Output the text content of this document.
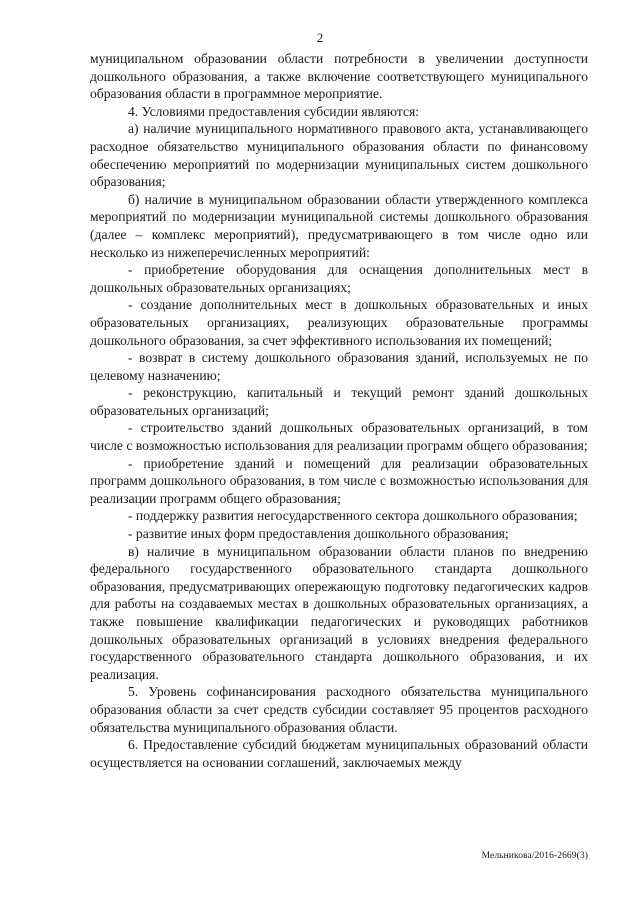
2

муниципальном образовании области потребности в увеличении доступности дошкольного образования, а также включение соответствующего муниципального образования области в программное мероприятие.

4. Условиями предоставления субсидии являются:

а) наличие муниципального нормативного правового акта, устанавливающего расходное обязательство муниципального образования области по финансовому обеспечению мероприятий по модернизации муниципальных систем дошкольного образования;

б) наличие в муниципальном образовании области утвержденного комплекса мероприятий по модернизации муниципальной системы дошкольного образования (далее – комплекс мероприятий), предусматривающего в том числе одно или несколько из нижеперечисленных мероприятий:

- приобретение оборудования для оснащения дополнительных мест в дошкольных образовательных организациях;

- создание дополнительных мест в дошкольных образовательных и иных образовательных организациях, реализующих образовательные программы дошкольного образования, за счет эффективного использования их помещений;

- возврат в систему дошкольного образования зданий, используемых не по целевому назначению;

- реконструкцию, капитальный и текущий ремонт зданий дошкольных образовательных организаций;

- строительство зданий дошкольных образовательных организаций, в том числе с возможностью использования для реализации программ общего образования;

- приобретение зданий и помещений для реализации образовательных программ дошкольного образования, в том числе с возможностью использования для реализации программ общего образования;

- поддержку развития негосударственного сектора дошкольного образования;

- развитие иных форм предоставления дошкольного образования;

в) наличие в муниципальном образовании области планов по внедрению федерального государственного образовательного стандарта дошкольного образования, предусматривающих опережающую подготовку педагогических кадров для работы на создаваемых местах в дошкольных образовательных организациях, а также повышение квалификации педагогических и руководящих работников дошкольных образовательных организаций в условиях внедрения федерального государственного образовательного стандарта дошкольного образования, и их реализация.

5. Уровень софинансирования расходного обязательства муниципального образования области за счет средств субсидии составляет 95 процентов расходного обязательства муниципального образования области.

6. Предоставление субсидий бюджетам муниципальных образований области осуществляется на основании соглашений, заключаемых между

Мельникова/2016-2669(3)
